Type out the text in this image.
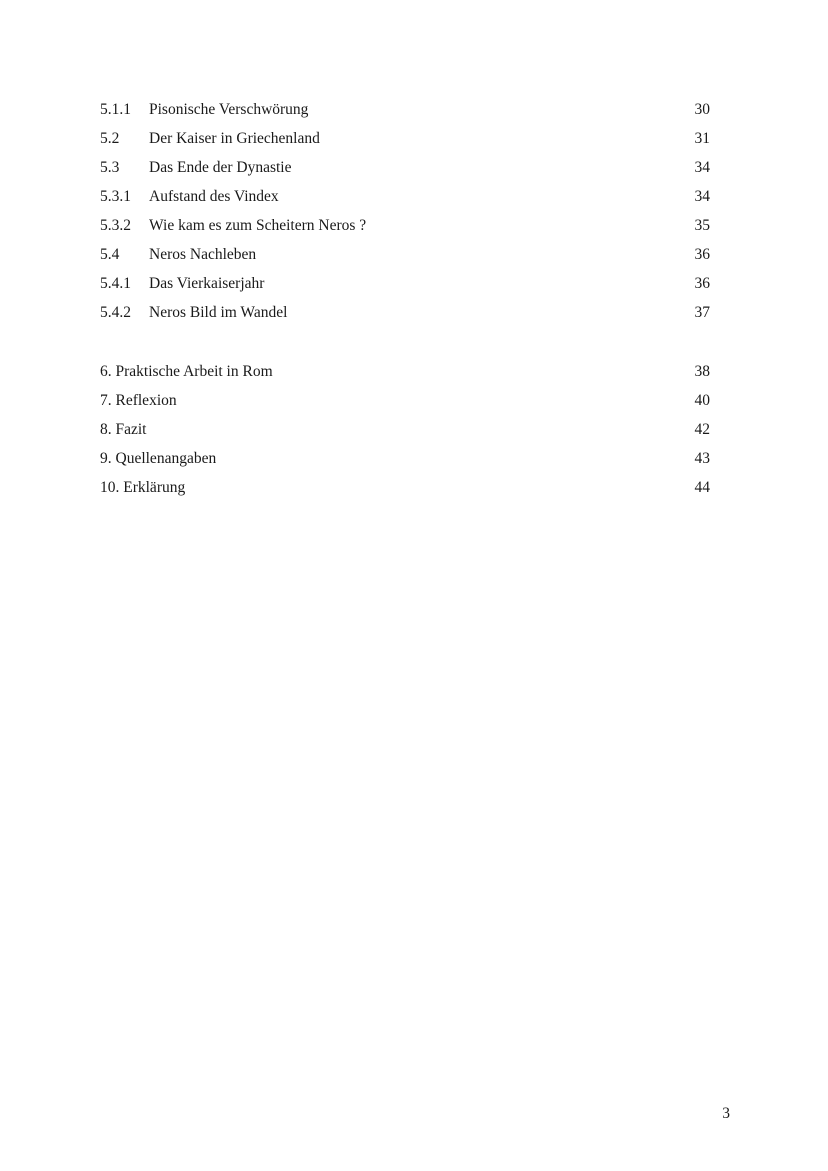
5.1.1 Pisonische Verschwörung	30
5.2 Der Kaiser in Griechenland	31
5.3 Das Ende der Dynastie	34
5.3.1 Aufstand des Vindex	34
5.3.2 Wie kam es zum Scheitern Neros ?	35
5.4 Neros Nachleben	36
5.4.1 Das Vierkaiserjahr	36
5.4.2 Neros Bild im Wandel	37
6. Praktische Arbeit in Rom	38
7. Reflexion	40
8. Fazit	42
9. Quellenangaben	43
10. Erklärung	44
3
